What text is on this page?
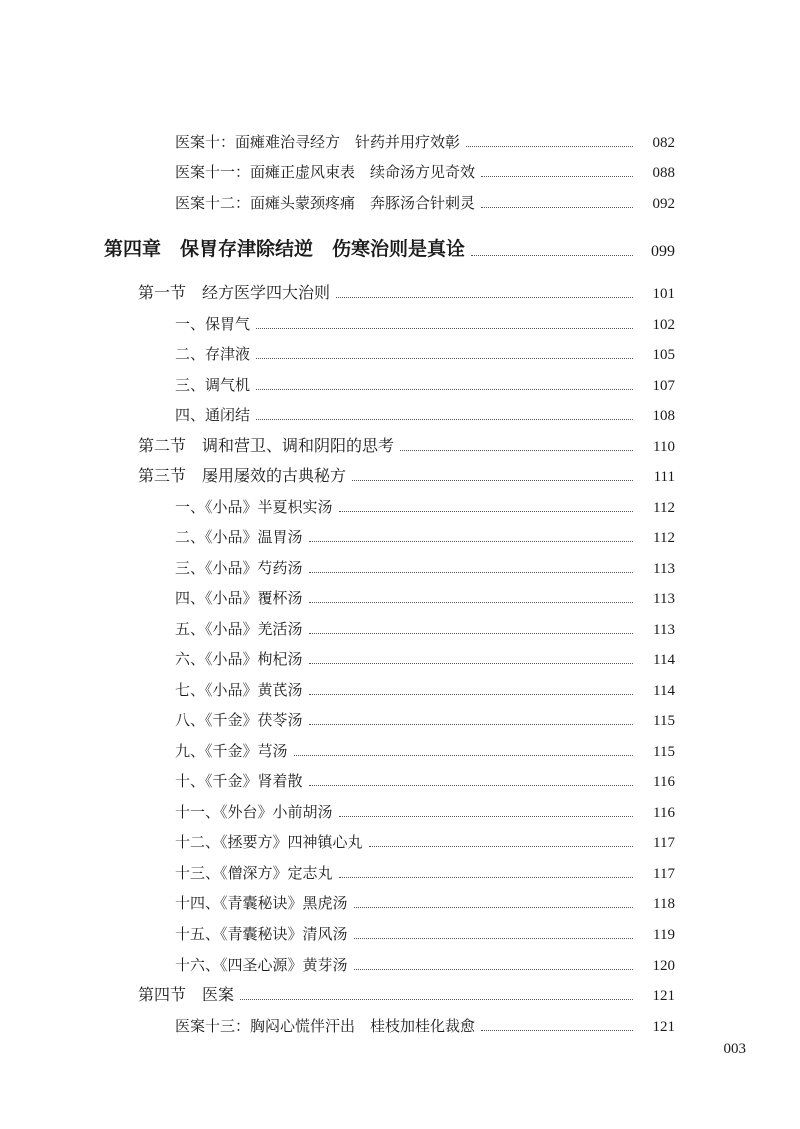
医案十：面瘫难治寻经方　针药并用疗效彰	082
医案十一：面瘫正虚风束表　续命汤方见奇效	088
医案十二：面瘫头蒙颈疼痛　奔豚汤合针刺灵	092
第四章　保胃存津除结逆　伤寒治则是真诠	099
第一节　经方医学四大治则	101
一、保胃气	102
二、存津液	105
三、调气机	107
四、通闭结	108
第二节　调和营卫、调和阴阳的思考	110
第三节　屡用屡效的古典秘方	111
一、《小品》半夏枳实汤	112
二、《小品》温胃汤	112
三、《小品》芍药汤	113
四、《小品》覆杯汤	113
五、《小品》羌活汤	113
六、《小品》枸杞汤	114
七、《小品》黄芪汤	114
八、《千金》茯苓汤	115
九、《千金》芎汤	115
十、《千金》肾着散	116
十一、《外台》小前胡汤	116
十二、《拯要方》四神镇心丸	117
十三、《僧深方》定志丸	117
十四、《青囊秘诀》黑虎汤	118
十五、《青囊秘诀》清风汤	119
十六、《四圣心源》黄芽汤	120
第四节　医案	121
医案十三：胸闷心慌伴汗出　桂枝加桂化裁愈	121
003
